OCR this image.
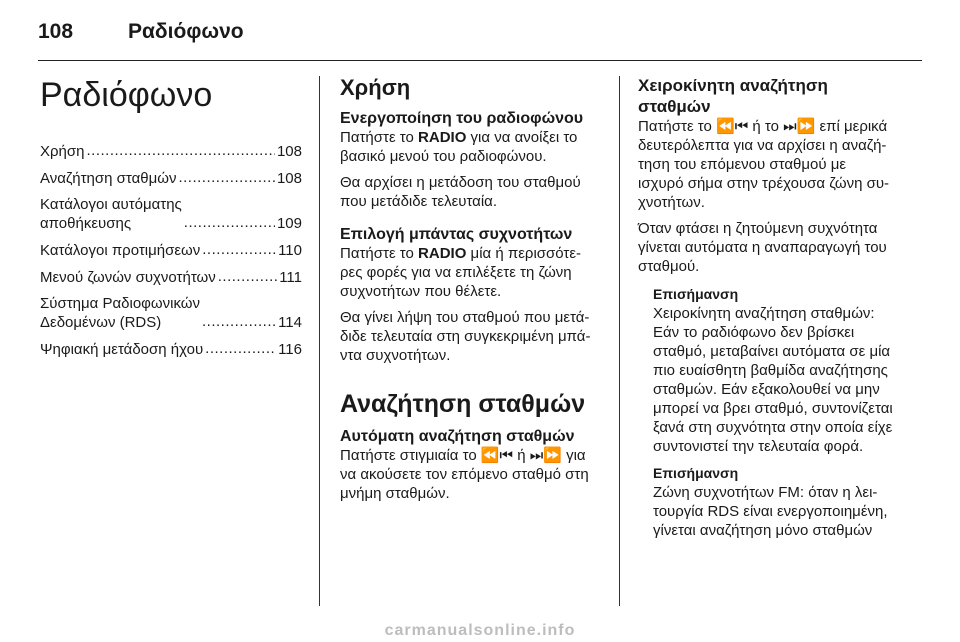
108	Ραδιόφωνο
Ραδιόφωνο
Χρήση .....	108
Αναζήτηση σταθμών .....	108
Κατάλογοι αυτόματης
αποθήκευσης .....	109
Κατάλογοι προτιμήσεων .....	110
Μενού ζωνών συχνοτήτων .....	111
Σύστημα Ραδιοφωνικών
Δεδομένων (RDS) .....	114
Ψηφιακή μετάδοση ήχου .....	116
Χρήση
Ενεργοποίηση του ραδιοφώνου

Πατήστε το RADIO για να ανοίξει το
βασικό μενού του ραδιοφώνου.

Θα αρχίσει η μετάδοση του σταθμού
που μετάδιδε τελευταία.

Επιλογή μπάντας συχνοτήτων

Πατήστε το RADIO μία ή περισσότε-
ρες φορές για να επιλέξετε τη ζώνη
συχνοτήτων που θέλετε.

Θα γίνει λήψη του σταθμού που μετά-
διδε τελευταία στη συγκεκριμένη μπά-
ντα συχνοτήτων.

Αναζήτηση σταθμών
Αυτόματη αναζήτηση σταθμών

Πατήστε στιγμιαία το ⏪⏮ ή ⏭⏩ για
να ακούσετε τον επόμενο σταθμό στη
μνήμη σταθμών.

Χειροκίνητη αναζήτηση
σταθμών

Πατήστε το ⏪⏮ ή το ⏭⏩ επί μερικά
δευτερόλεπτα για να αρχίσει η αναζή-
τηση του επόμενου σταθμού με
ισχυρό σήμα στην τρέχουσα ζώνη συ-
χνοτήτων.

Όταν φτάσει η ζητούμενη συχνότητα
γίνεται αυτόματα η αναπαραγωγή του
σταθμού.

Επισήμανση

Χειροκίνητη αναζήτηση σταθμών:
Εάν το ραδιόφωνο δεν βρίσκει
σταθμό, μεταβαίνει αυτόματα σε μία
πιο ευαίσθητη βαθμίδα αναζήτησης
σταθμών. Εάν εξακολουθεί να μην
μπορεί να βρει σταθμό, συντονίζεται
ξανά στη συχνότητα στην οποία είχε
συντονιστεί την τελευταία φορά.

Επισήμανση

Ζώνη συχνοτήτων FM: όταν η λει-
τουργία RDS είναι ενεργοποιημένη,
γίνεται αναζήτηση μόνο σταθμών

carmanualsonline.info
